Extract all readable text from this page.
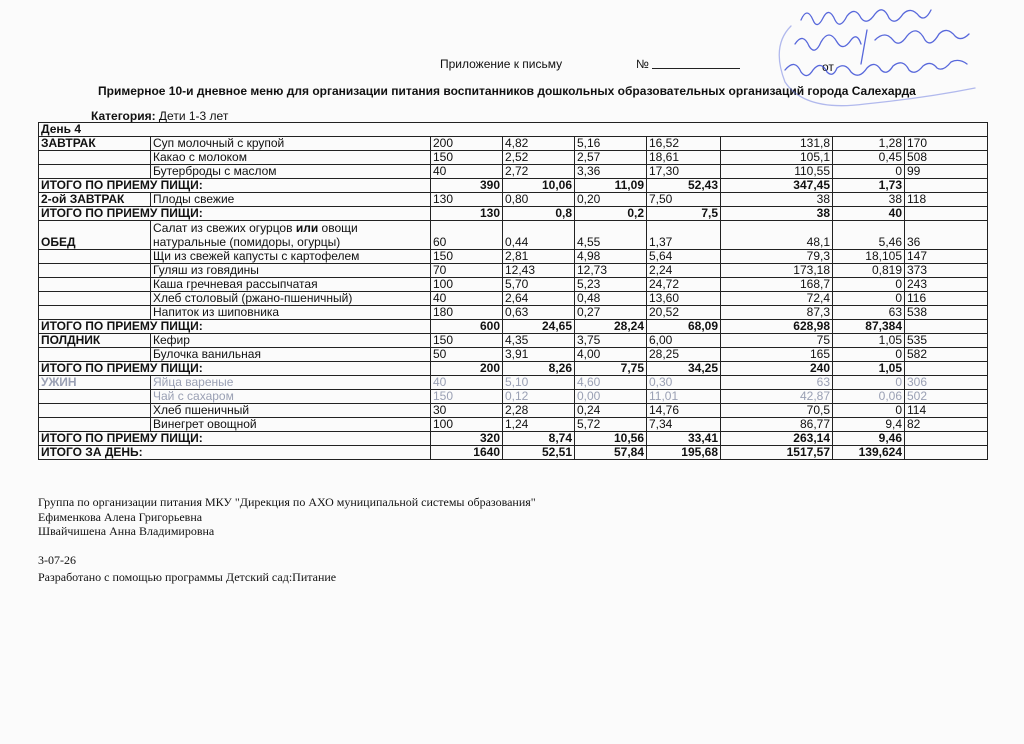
Приложение к письму	№	от
Примерное 10-и дневное меню для организации питания воспитанников дошкольных образовательных организаций города Салехарда
Категория: Дети 1-3 лет
День 4								
ЗАВТРАК	Суп молочный с крупой	200	4,82	5,16	16,52	131,8	1,28	170
	Какао с молоком	150	2,52	2,57	18,61	105,1	0,45	508
	Бутерброды с маслом	40	2,72	3,36	17,30	110,55	0	99
ИТОГО ПО ПРИЕМУ ПИЩИ:		390	10,06	11,09	52,43	347,45	1,73	
2-ой ЗАВТРАК	Плоды свежие	130	0,80	0,20	7,50	38	38	118
ИТОГО ПО ПРИЕМУ ПИЩИ:		130	0,8	0,2	7,5	38	40	
ОБЕД	Салат из свежих огурцов или овощи натуральные (помидоры, огурцы)	60	0,44	4,55	1,37	48,1	5,46	36
	Щи из свежей капусты с картофелем	150	2,81	4,98	5,64	79,3	18,105	147
	Гуляш из говядины	70	12,43	12,73	2,24	173,18	0,819	373
	Каша гречневая рассыпчатая	100	5,70	5,23	24,72	168,7	0	243
	Хлеб столовый (ржано-пшеничный)	40	2,64	0,48	13,60	72,4	0	116
	Напиток из шиповника	180	0,63	0,27	20,52	87,3	63	538
ИТОГО ПО ПРИЕМУ ПИЩИ:		600	24,65	28,24	68,09	628,98	87,384	
ПОЛДНИК	Кефир	150	4,35	3,75	6,00	75	1,05	535
	Булочка ванильная	50	3,91	4,00	28,25	165	0	582
ИТОГО ПО ПРИЕМУ ПИЩИ:		200	8,26	7,75	34,25	240	1,05	
УЖИН	Яйца вареные	40	5,10	4,60	0,30	63	0	306
	Чай с сахаром	150	0,12	0,00	11,01	42,87	0,06	502
	Хлеб пшеничный	30	2,28	0,24	14,76	70,5	0	114
	Винегрет овощной	100	1,24	5,72	7,34	86,77	9,4	82
ИТОГО ПО ПРИЕМУ ПИЩИ:		320	8,74	10,56	33,41	263,14	9,46	
ИТОГО ЗА ДЕНЬ:		1640	52,51	57,84	195,68	1517,57	139,624	
Группа по организации питания МКУ "Дирекция по АХО муниципальной системы образования"
Ефименкова Алена Григорьевна
Швайчишена Анна Владимировна
3-07-26
Разработано с помощью программы Детский сад:Питание
